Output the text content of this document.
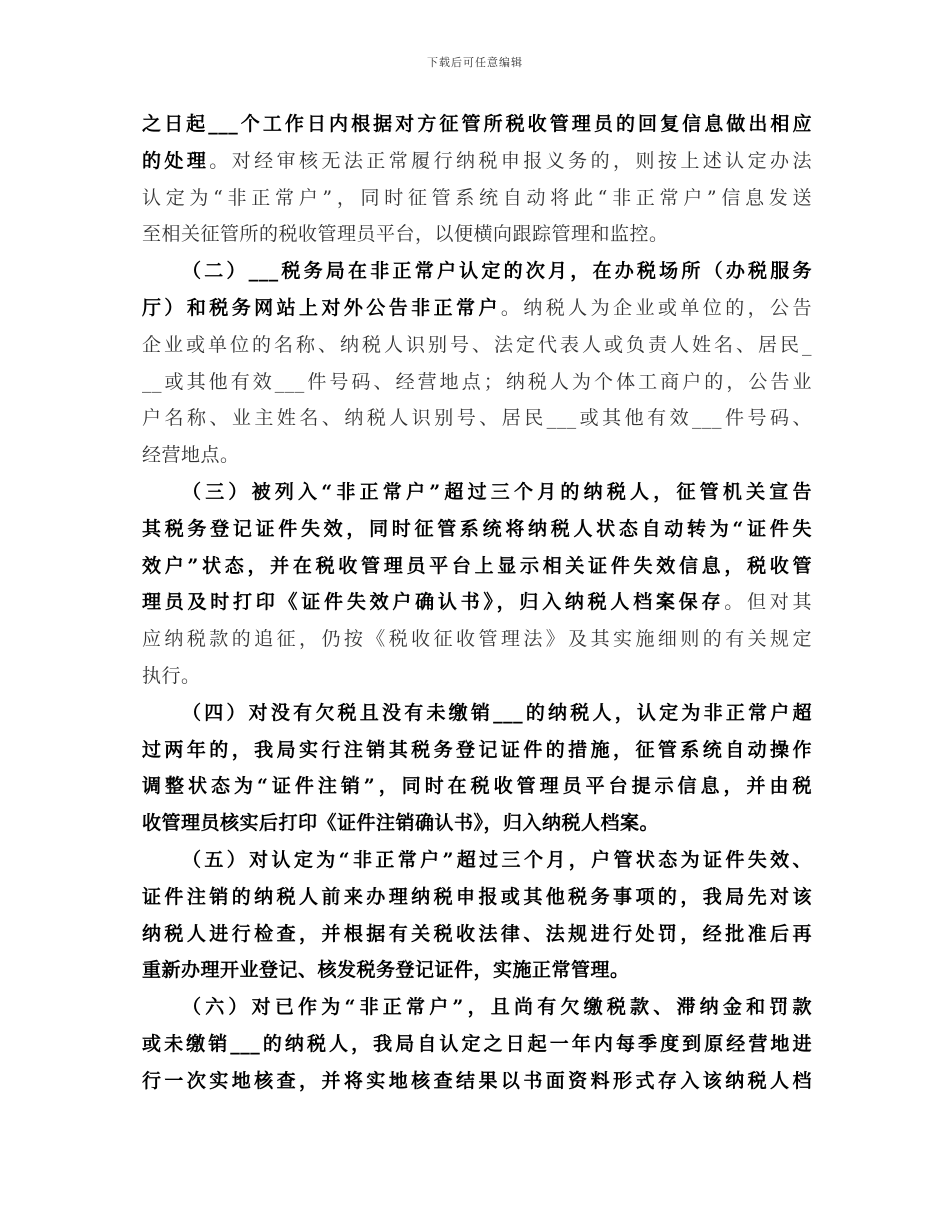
下载后可任意编辑
之日起___个工作日内根据对方征管所税收管理员的回复信息做出相应
的处理。对经审核无法正常履行纳税申报义务的，则按上述认定办法
认定为“非正常户”，同时征管系统自动将此“非正常户”信息发送
至相关征管所的税收管理员平台，以便横向跟踪管理和监控。
（二）___税务局在非正常户认定的次月，在办税场所（办税服务
厅）和税务网站上对外公告非正常户。纳税人为企业或单位的，公告
企业或单位的名称、纳税人识别号、法定代表人或负责人姓名、居民_
__或其他有效___件号码、经营地点；纳税人为个体工商户的，公告业
户名称、业主姓名、纳税人识别号、居民___或其他有效___件号码、
经营地点。
（三）被列入“非正常户”超过三个月的纳税人，征管机关宣告
其税务登记证件失效，同时征管系统将纳税人状态自动转为“证件失
效户”状态，并在税收管理员平台上显示相关证件失效信息，税收管
理员及时打印《证件失效户确认书》，归入纳税人档案保存。但对其
应纳税款的追征，仍按《税收征收管理法》及其实施细则的有关规定
执行。
（四）对没有欠税且没有未缴销___的纳税人，认定为非正常户超
过两年的，我局实行注销其税务登记证件的措施，征管系统自动操作
调整状态为“证件注销”，同时在税收管理员平台提示信息，并由税
收管理员核实后打印《证件注销确认书》，归入纳税人档案。
（五）对认定为“非正常户”超过三个月，户管状态为证件失效、
证件注销的纳税人前来办理纳税申报或其他税务事项的，我局先对该
纳税人进行检查，并根据有关税收法律、法规进行处罚，经批准后再
重新办理开业登记、核发税务登记证件，实施正常管理。
（六）对已作为“非正常户”，且尚有欠缴税款、滞纳金和罚款
或未缴销___的纳税人，我局自认定之日起一年内每季度到原经营地进
行一次实地核查，并将实地核查结果以书面资料形式存入该纳税人档
